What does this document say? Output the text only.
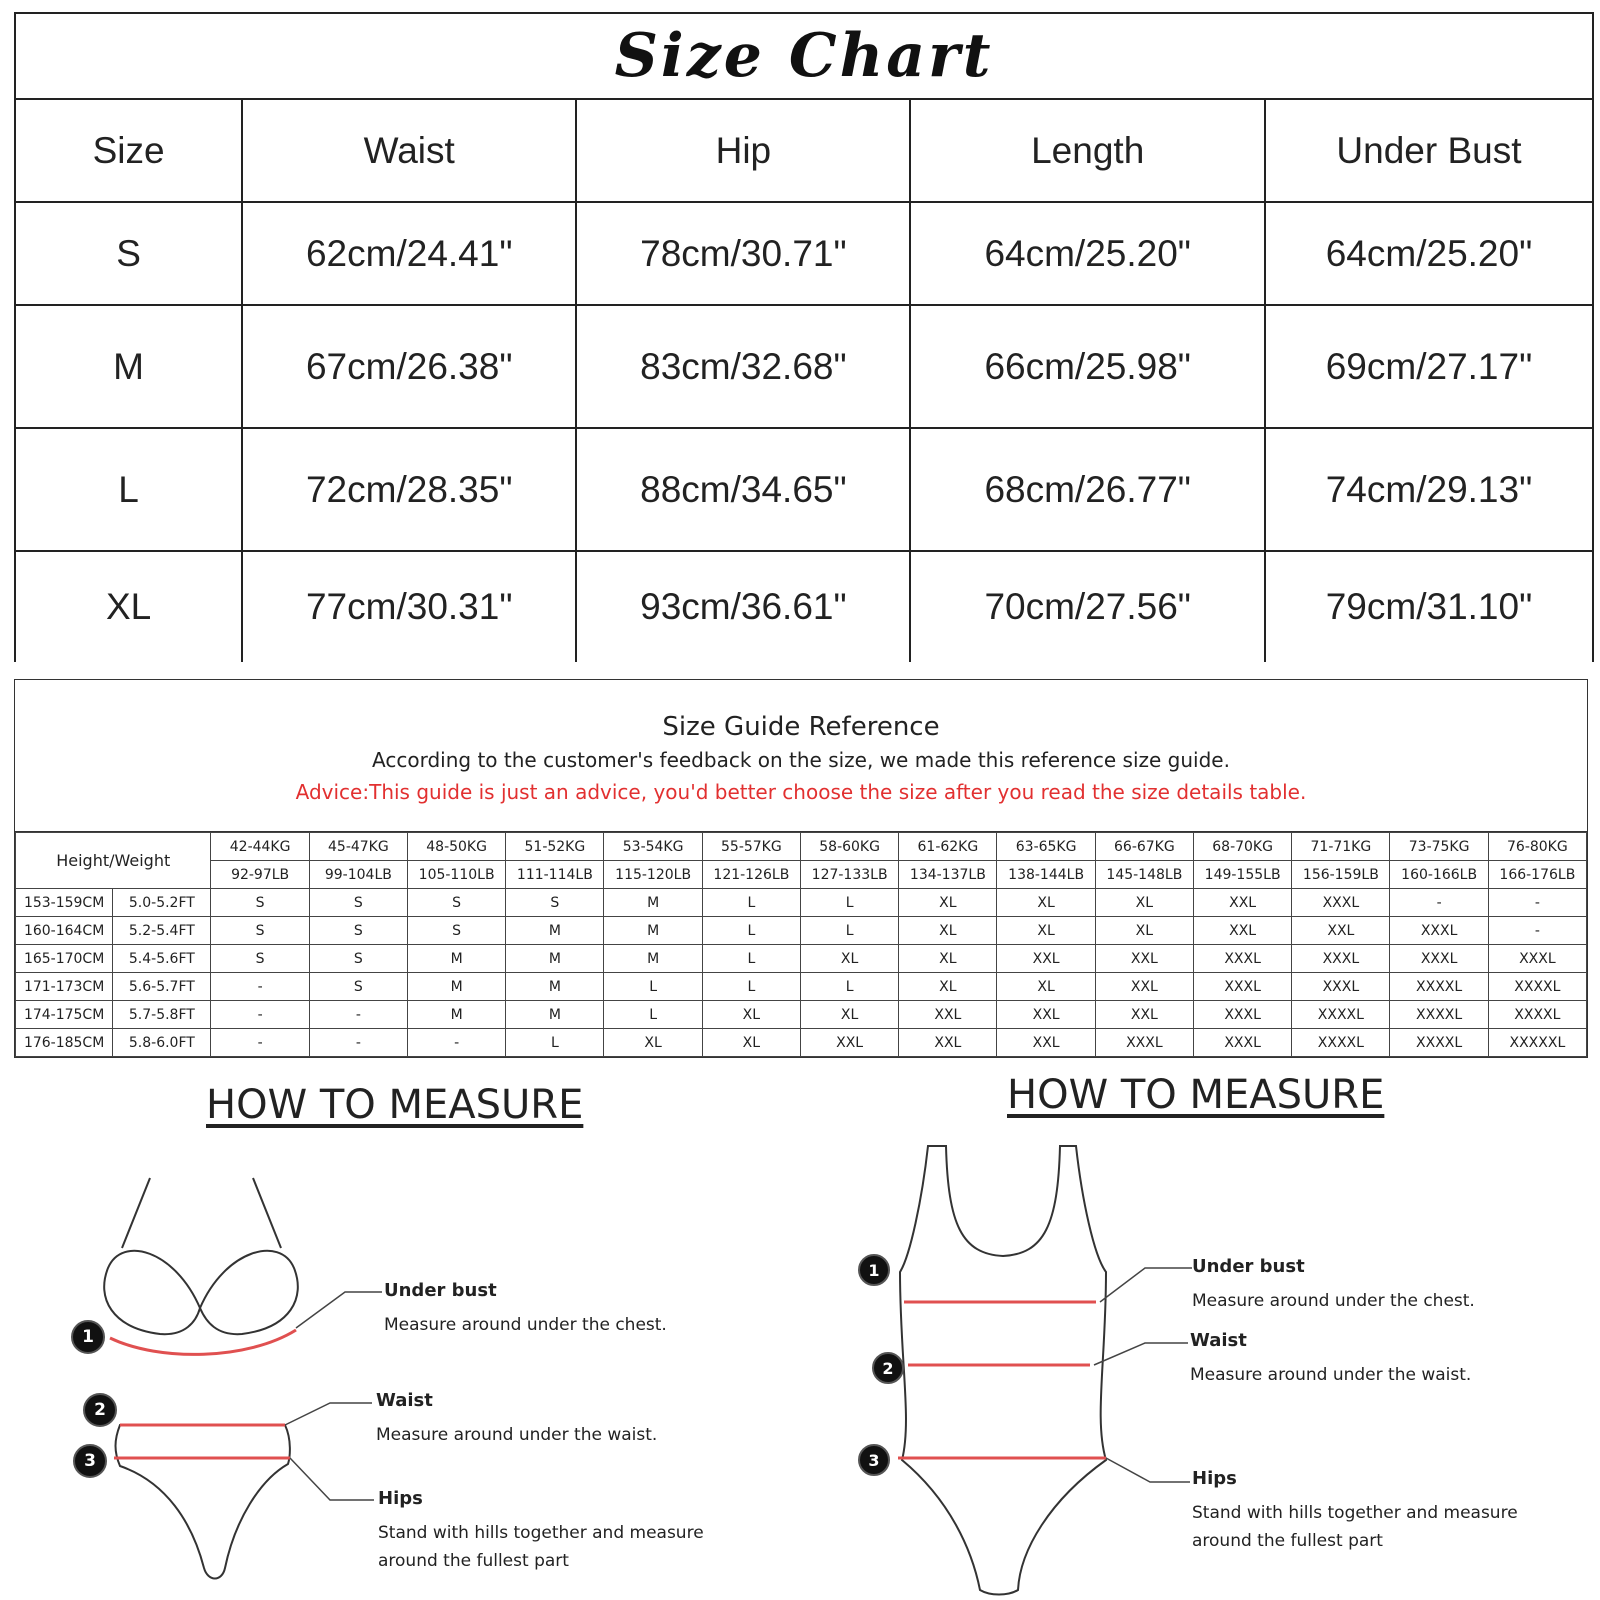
Size Chart
Size	Waist	Hip	Length	Under Bust
S	62cm/24.41"	78cm/30.71"	64cm/25.20"	64cm/25.20"
M	67cm/26.38"	83cm/32.68"	66cm/25.98"	69cm/27.17"
L	72cm/28.35"	88cm/34.65"	68cm/26.77"	74cm/29.13"
XL	77cm/30.31"	93cm/36.61"	70cm/27.56"	79cm/31.10"
Size Guide Reference
According to the customer's feedback on the size, we made this reference size guide.
Advice:This guide is just an advice, you'd better choose the size after you read the size details table.
Height/Weight		42-44KG	45-47KG	48-50KG	51-52KG	53-54KG	55-57KG	58-60KG	61-62KG	63-65KG	66-67KG	68-70KG	71-71KG	73-75KG	76-80KG
		92-97LB	99-104LB	105-110LB	111-114LB	115-120LB	121-126LB	127-133LB	134-137LB	138-144LB	145-148LB	149-155LB	156-159LB	160-166LB	166-176LB
153-159CM	5.0-5.2FT	S	S	S	S	M	L	L	XL	XL	XL	XXL	XXXL	-	-
160-164CM	5.2-5.4FT	S	S	S	M	M	L	L	XL	XL	XL	XXL	XXL	XXXL	-
165-170CM	5.4-5.6FT	S	S	M	M	M	L	XL	XL	XXL	XXL	XXXL	XXXL	XXXL	XXXL
171-173CM	5.6-5.7FT	-	S	M	M	L	L	L	XL	XL	XXL	XXXL	XXXL	XXXXL	XXXXL
174-175CM	5.7-5.8FT	-	-	M	M	L	XL	XL	XXL	XXL	XXL	XXXL	XXXXL	XXXXL	XXXXL
176-185CM	5.8-6.0FT	-	-	-	L	XL	XL	XXL	XXL	XXL	XXXL	XXXL	XXXXL	XXXXL	XXXXXL
HOW TO MEASURE
1
2
3
1
2
3
Under bust
Measure around under the chest.
Waist
Measure around under the waist.
Hips
Stand with hills together and measure
around the fullest part
HOW TO MEASURE
Under bust
Measure around under the chest.
Waist
Measure around under the waist.
Hips
Stand with hills together and measure
around the fullest part
